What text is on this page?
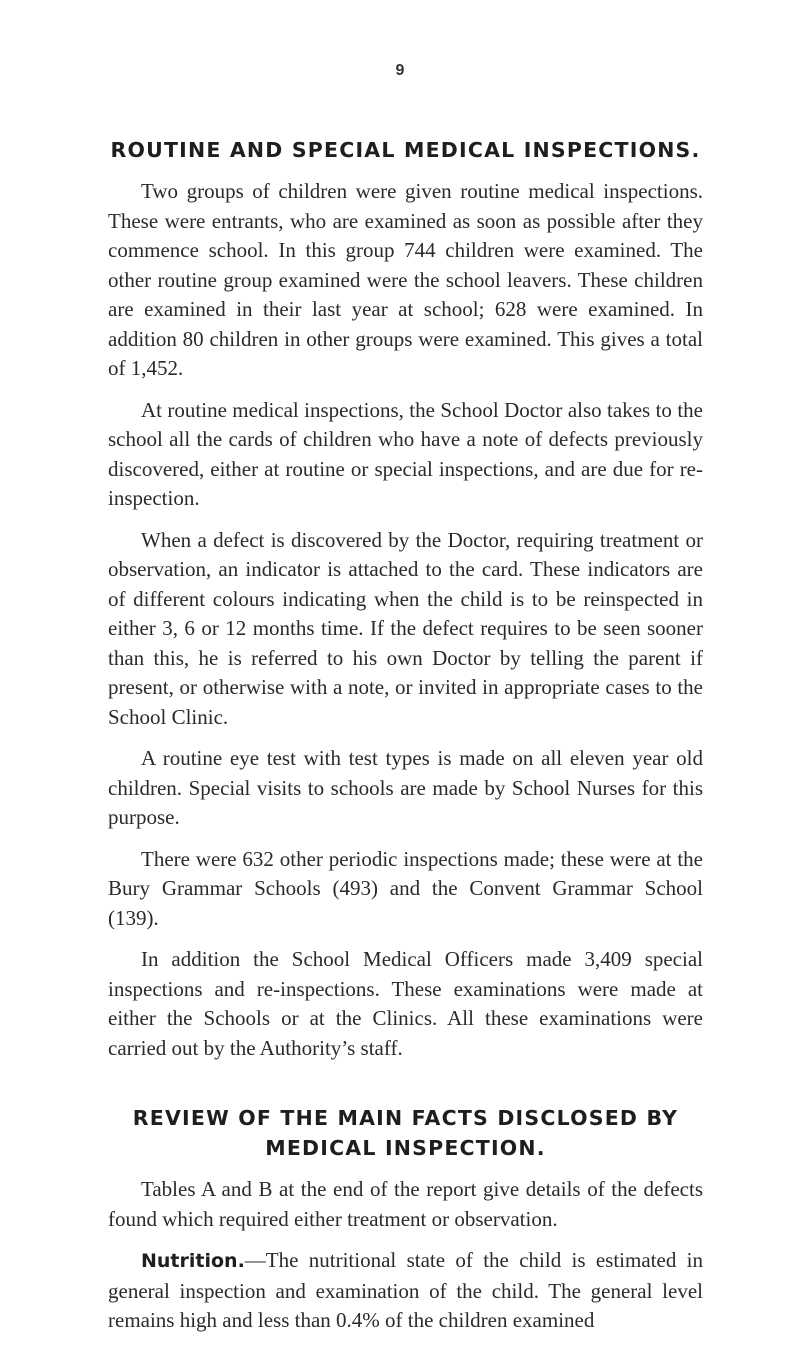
9
ROUTINE AND SPECIAL MEDICAL INSPECTIONS.

Two groups of children were given routine medical inspections. These were entrants, who are examined as soon as possible after they commence school. In this group 744 children were examined. The other routine group examined were the school leavers. These children are examined in their last year at school; 628 were examined. In addition 80 children in other groups were examined. This gives a total of 1,452.

At routine medical inspections, the School Doctor also takes to the school all the cards of children who have a note of defects previously discovered, either at routine or special inspections, and are due for re-inspection.

When a defect is discovered by the Doctor, requiring treatment or observation, an indicator is attached to the card. These indicators are of different colours indicating when the child is to be reinspected in either 3, 6 or 12 months time. If the defect requires to be seen sooner than this, he is referred to his own Doctor by telling the parent if present, or otherwise with a note, or invited in appropriate cases to the School Clinic.

A routine eye test with test types is made on all eleven year old children. Special visits to schools are made by School Nurses for this purpose.

There were 632 other periodic inspections made; these were at the Bury Grammar Schools (493) and the Convent Grammar School (139).

In addition the School Medical Officers made 3,409 special inspections and re-inspections. These examinations were made at either the Schools or at the Clinics. All these examinations were carried out by the Authority’s staff.

REVIEW OF THE MAIN FACTS DISCLOSED BY MEDICAL INSPECTION.

Tables A and B at the end of the report give details of the defects found which required either treatment or observation.

Nutrition.—The nutritional state of the child is estimated in general inspection and examination of the child. The general level remains high and less than 0.4% of the children examined
